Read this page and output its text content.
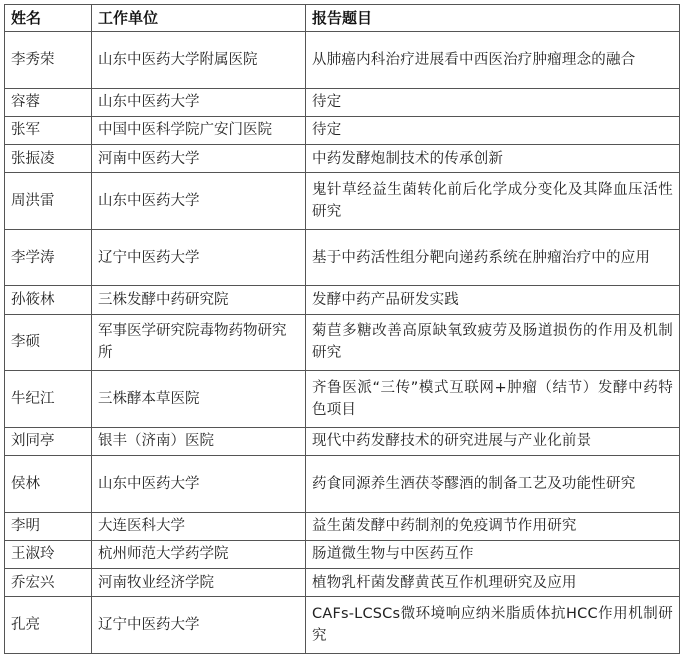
姓名	工作单位	报告题目
李秀荣	山东中医药大学附属医院	从肺癌内科治疗进展看中西医治疗肿瘤理念的融合
容蓉	山东中医药大学	待定
张军	中国中医科学院广安门医院	待定
张振凌	河南中医药大学	中药发酵炮制技术的传承创新
周洪雷	山东中医药大学	鬼针草经益生菌转化前后化学成分变化及其降血压活性研究
李学涛	辽宁中医药大学	基于中药活性组分靶向递药系统在肿瘤治疗中的应用
孙筱林	三株发酵中药研究院	发酵中药产品研发实践
李硕	军事医学研究院毒物药物研究所	菊苣多糖改善高原缺氧致疲劳及肠道损伤的作用及机制研究
牛纪江	三株酵本草医院	齐鲁医派“三传”模式互联网+肿瘤（结节）发酵中药特色项目
刘同亭	银丰（济南）医院	现代中药发酵技术的研究进展与产业化前景
侯林	山东中医药大学	药食同源养生酒茯苓醪酒的制备工艺及功能性研究
李明	大连医科大学	益生菌发酵中药制剂的免疫调节作用研究
王淑玲	杭州师范大学药学院	肠道微生物与中医药互作
乔宏兴	河南牧业经济学院	植物乳杆菌发酵黄芪互作机理研究及应用
孔亮	辽宁中医药大学	CAFs-LCSCs微环境响应纳米脂质体抗HCC作用机制研究
